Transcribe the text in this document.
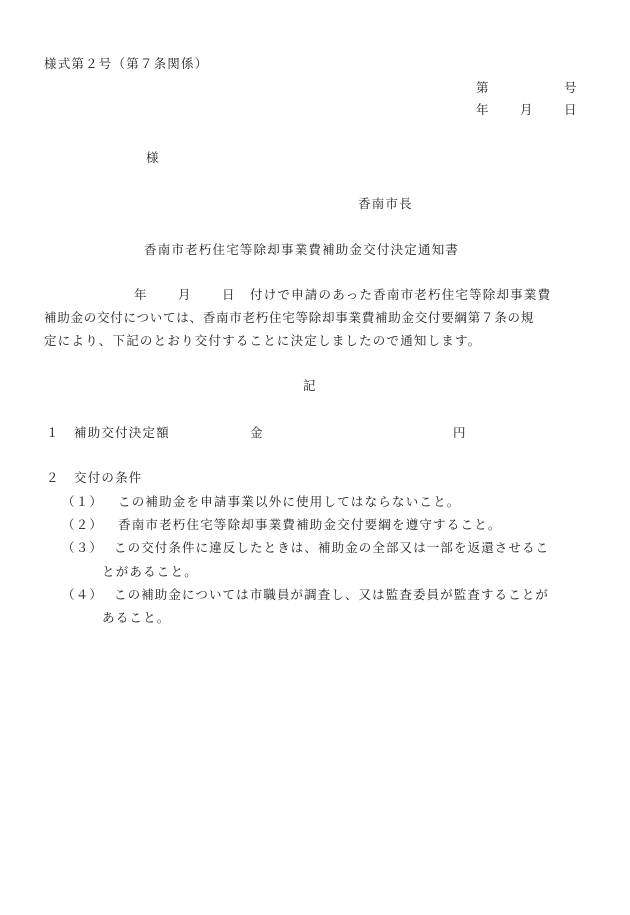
様式第２号（第７条関係）
第	号
年	月	日
様
香南市長
香南市老朽住宅等除却事業費補助金交付決定通知書
年	月	日 付けで申請のあった香南市老朽住宅等除却事業費
補助金の交付については、香南市老朽住宅等除却事業費補助金交付要綱第７条の規
定により、下記のとおり交付することに決定しましたので通知します。
記
１ 補助交付決定額	金	円
２ 交付の条件
（１） この補助金を申請事業以外に使用してはならないこと。
（２） 香南市老朽住宅等除却事業費補助金交付要綱を遵守すること。
（３） この交付条件に違反したときは、補助金の全部又は一部を返還させるこ
とがあること。
（４） この補助金については市職員が調査し、又は監査委員が監査することが
あること。
